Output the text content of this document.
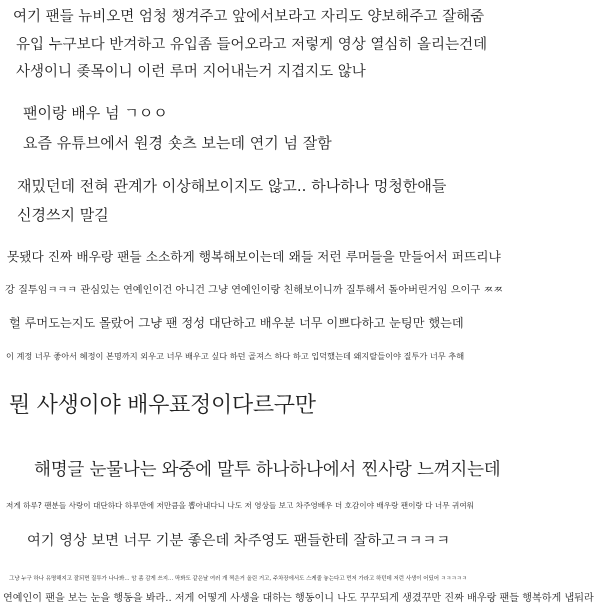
여기 팬들 뉴비오면 엄청 챙겨주고 앞에서보라고 자리도 양보해주고 잘해줌

유입 누구보다 반겨하고 유입좀 들어오라고 저렇게 영상 열심히 올리는건데

사생이니 좆목이니 이런 루머 지어내는거 지겹지도 않나

팬이랑 배우 넘 ㄱㅇㅇ

요즘 유튜브에서 원경 숏츠 보는데 연기 넘 잘함

재밌던데 전혀 관계가 이상해보이지도 않고.. 하나하나 멍청한애들

신경쓰지 말길

못됐다 진짜 배우랑 팬들 소소하게 행복해보이는데 왜들 저런 루머들을 만들어서 퍼뜨리냐

강 질투임ㅋㅋㅋ 관심있는 연예인이건 아니건 그냥 연예인이랑 친해보이니까 질투해서 돌아버린거임 으이구 ㅉㅉ

헐 루머도는지도 몰랐어 그냥 팬 정성 대단하고 배우분 너무 이쁘다하고 눈팅만 했는데

이 계정 너무 좋아서 혜정이 본명까지 외우고 너무 배우고 싶다 하던 골져스 하다 하고 입덕했는데 왜지랄들이야 질투가 너무 추해

뭔 사생이야 배우표정이다르구만

해명글 눈물나는 와중에 말투 하나하나에서 찐사랑 느껴지는데

저게 하루? 팬분들 사랑이 대단하다 하루만에 저만큼을 뽑아내다니 나도 저 영상들 보고 차주영배우 더 호감이야 배우랑 팬이랑 다 너무 귀여워

여기 영상 보면 너무 기분 좋은데 차주영도 팬들한테 잘하고ㅋㅋㅋㅋ

그냥 누구 하나 유명해지고 잘되면 질투가 나나봐... 암 좀 감게 쓰지... 딱봐도 같은날 여러 개 찍은거 올린 거고, 주차장에서도 스케줄 놓는다고 먼저 가라고 하던데 저런 사생이 어딨어 ㅋㅋㅋㅋㅋ

연예인이 팬을 보는 눈을 행동을 봐라.. 저게 어떻게 사생을 대하는 행동이니 나도 꾸꾸되게 생겼꾸만 진짜 배우랑 팬들 행복하게 냅둬라
